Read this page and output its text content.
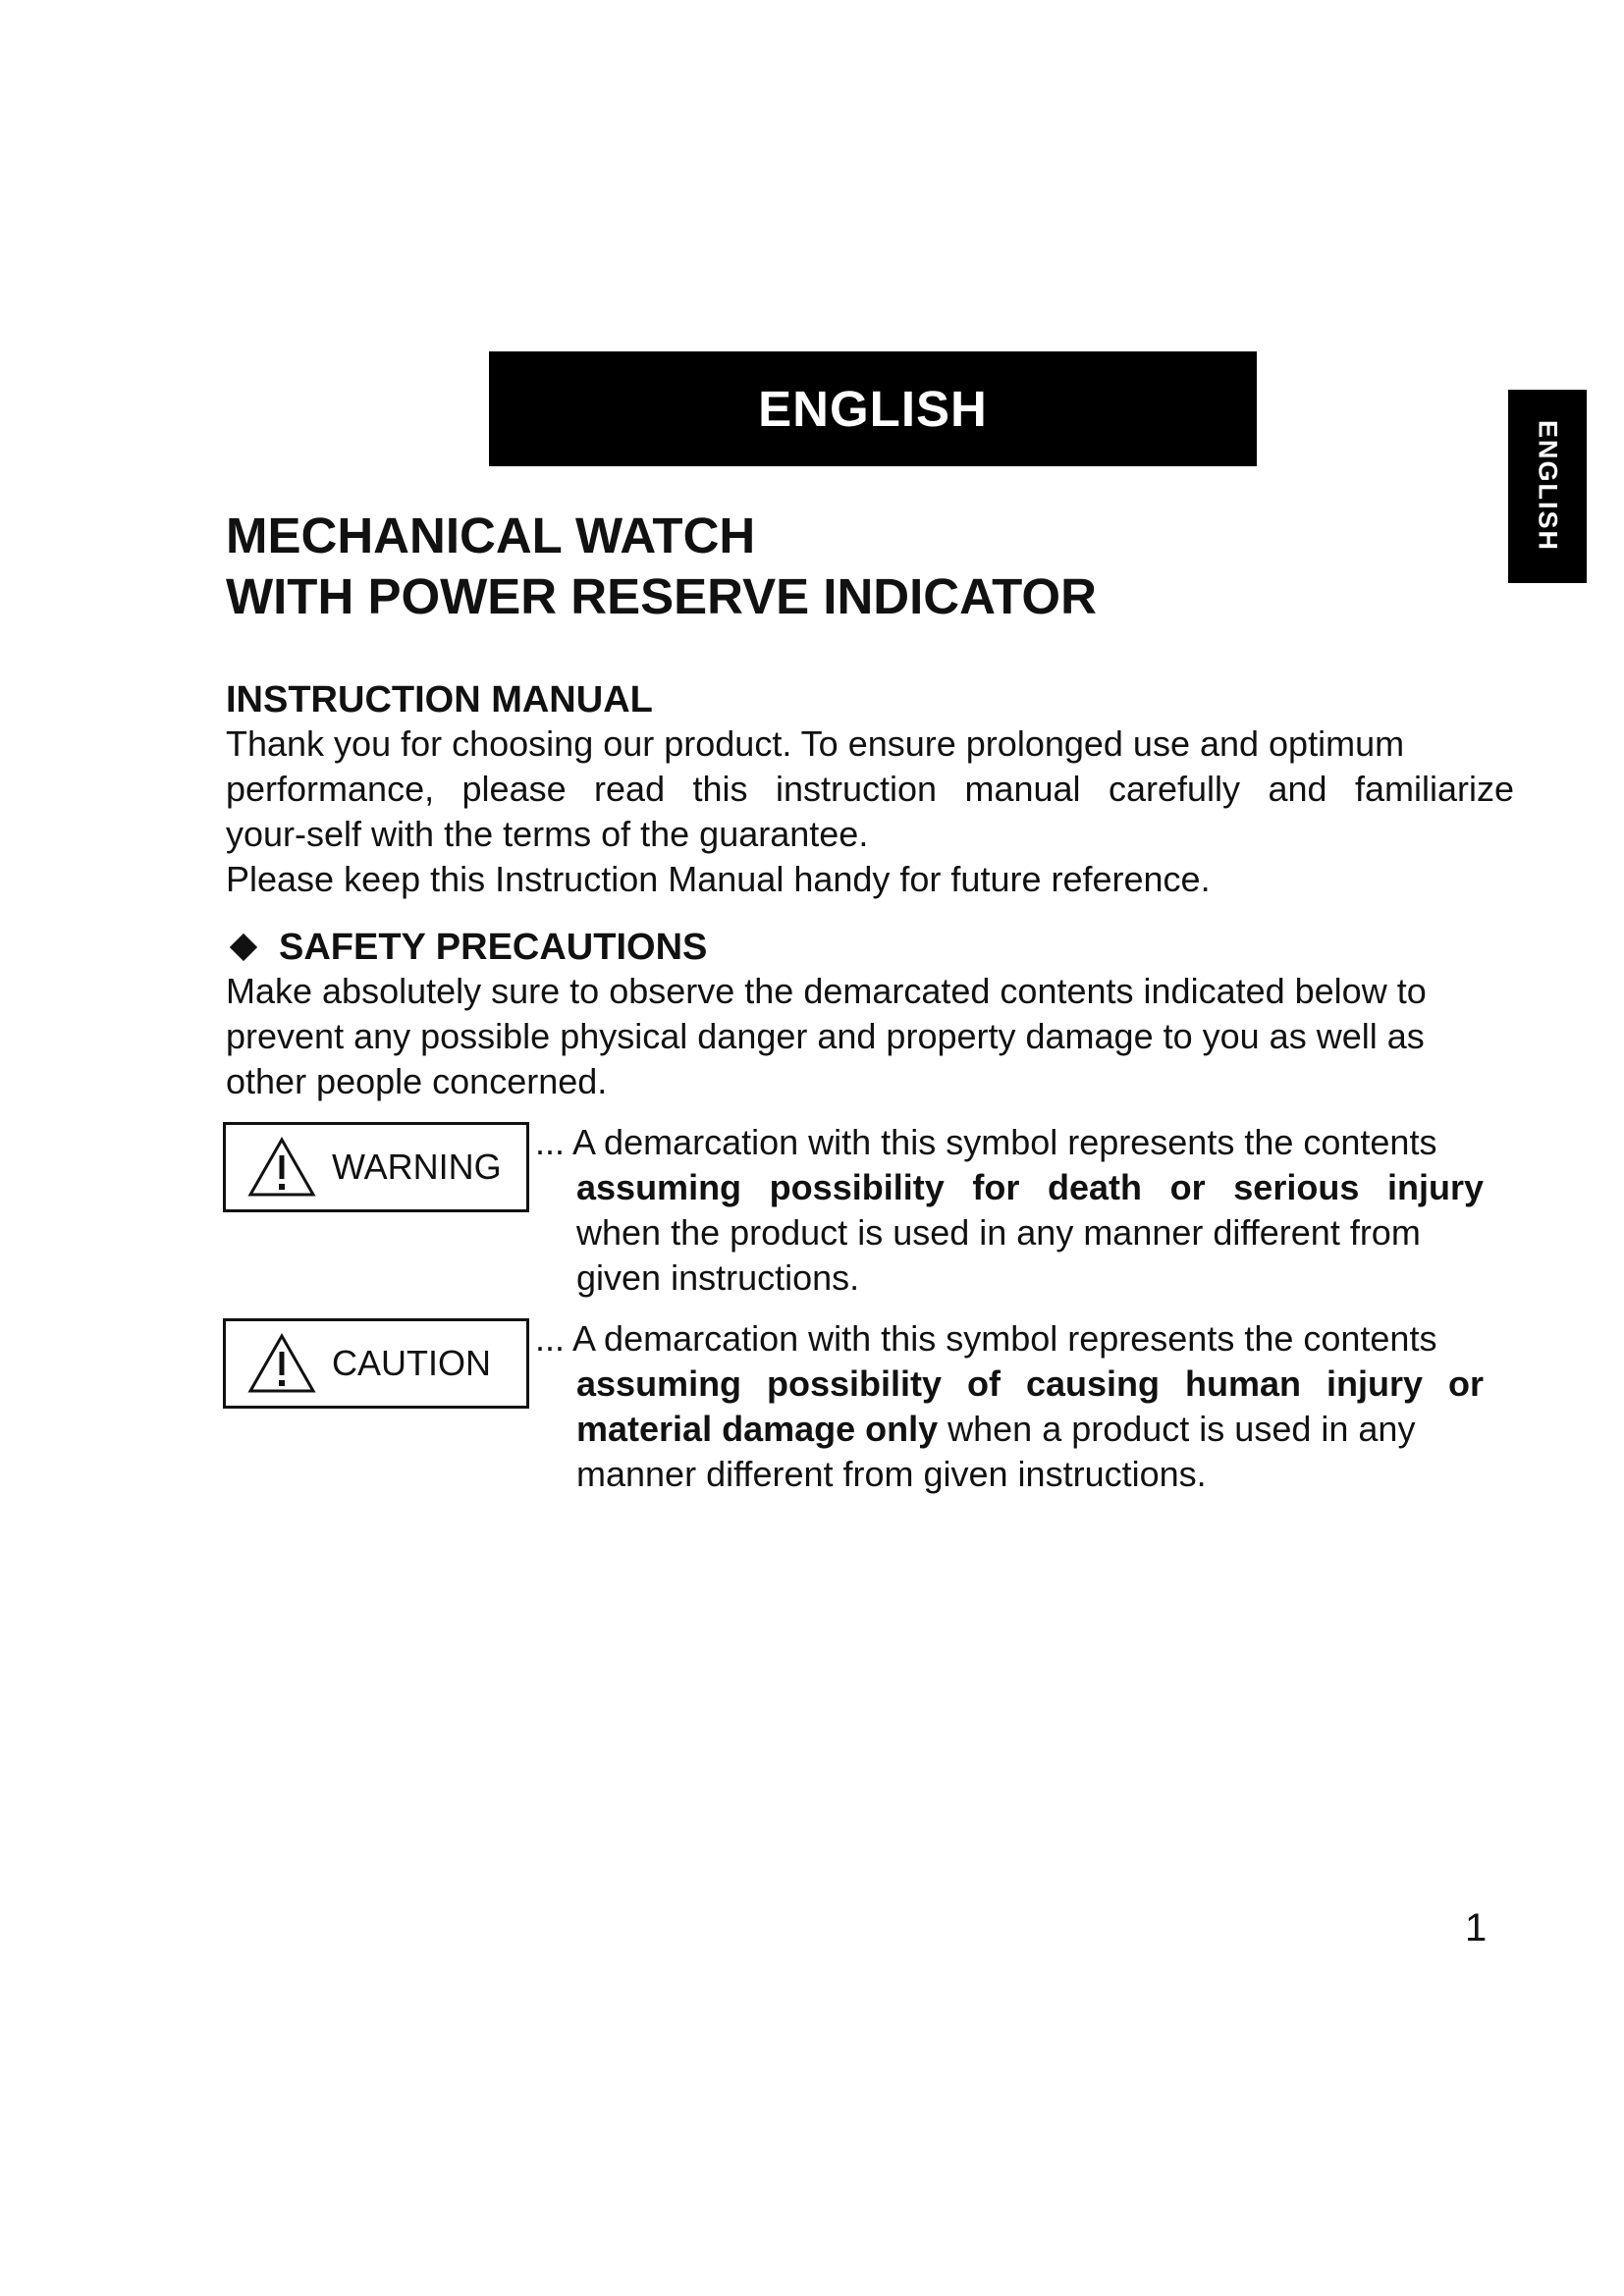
ENGLISH
ENGLISH

MECHANICAL WATCH

WITH POWER RESERVE INDICATOR

INSTRUCTION MANUAL

Thank you for choosing our product. To ensure prolonged use and optimum

performance, please read this instruction manual carefully and familiarize

your-self with the terms of the guarantee.

Please keep this Instruction Manual handy for future reference.

SAFETY PRECAUTIONS

Make absolutely sure to observe the demarcated contents indicated below to

prevent any possible physical danger and property damage to you as well as

other people concerned.

WARNING
... A demarcation with this symbol represents the contents
assuming possibility for death or serious injury
when the product is used in any manner different from
given instructions.
CAUTION
... A demarcation with this symbol represents the contents
assuming possibility of causing human injury or
material damage only when a product is used in any
manner different from given instructions.
1
